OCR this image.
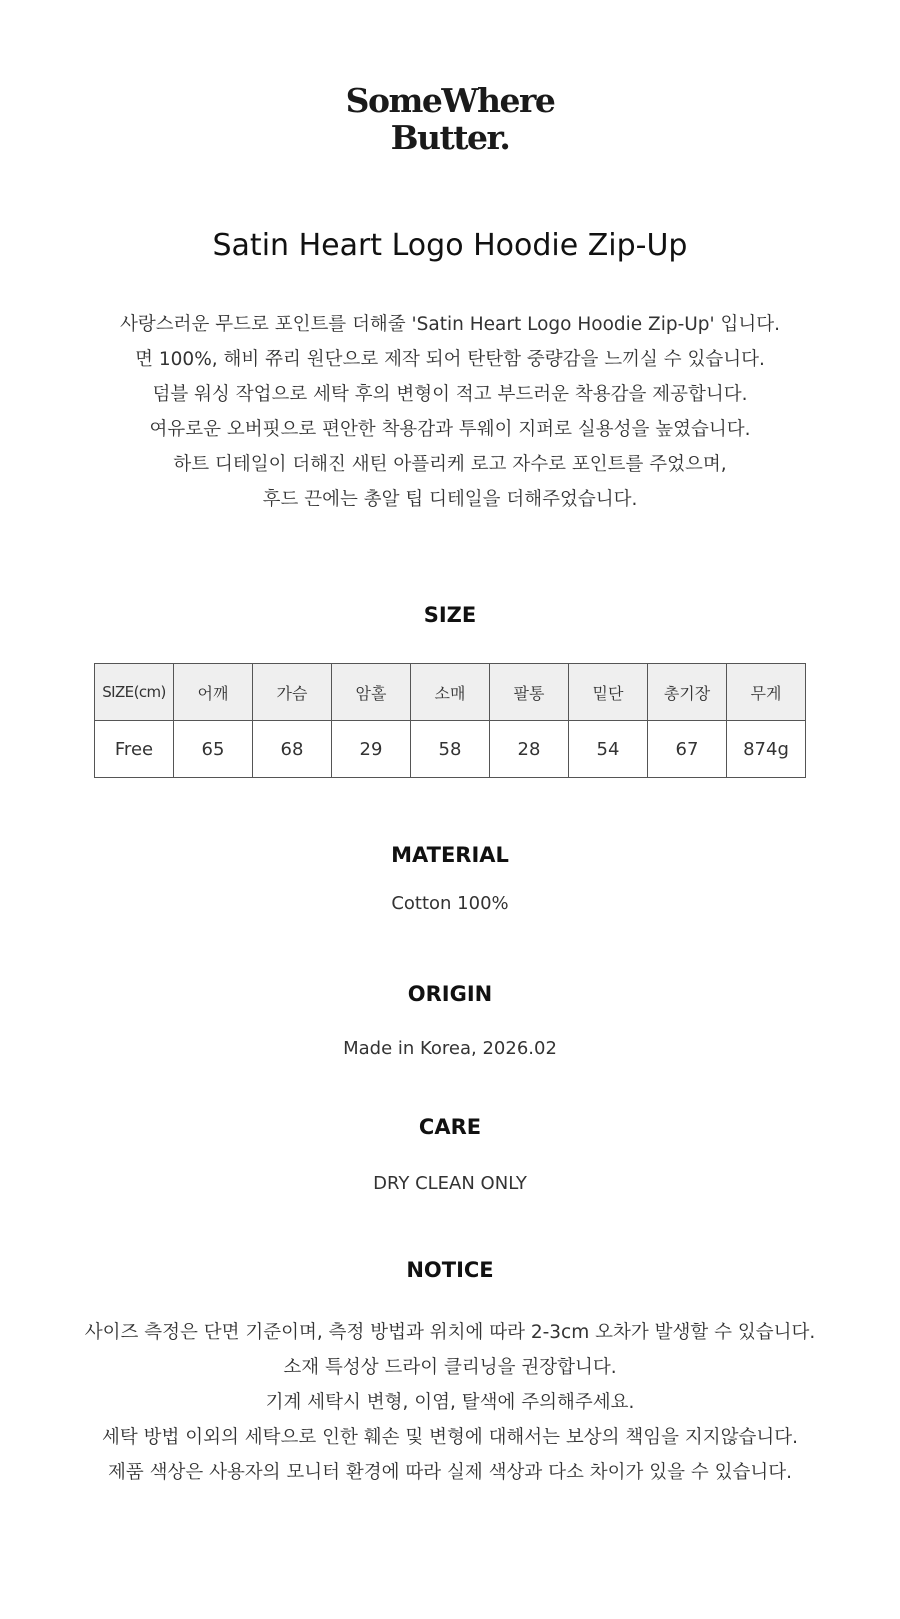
SomeWhere
Butter.
Satin Heart Logo Hoodie Zip-Up
사랑스러운 무드로 포인트를 더해줄 'Satin Heart Logo Hoodie Zip-Up' 입니다.
면 100%, 해비 쮸리 원단으로 제작 되어 탄탄함 중량감을 느끼실 수 있습니다.
덤블 워싱 작업으로 세탁 후의 변형이 적고 부드러운 착용감을 제공합니다.
여유로운 오버핏으로 편안한 착용감과 투웨이 지퍼로 실용성을 높였습니다.
하트 디테일이 더해진 새틴 아플리케 로고 자수로 포인트를 주었으며,
후드 끈에는 총알 팁 디테일을 더해주었습니다.
SIZE
SIZE(cm)	어깨	가슴	암홀	소매	팔통	밑단	총기장	무게
Free	65	68	29	58	28	54	67	874g
MATERIAL
Cotton 100%
ORIGIN
Made in Korea, 2026.02
CARE
DRY CLEAN ONLY
NOTICE
사이즈 측정은 단면 기준이며, 측정 방법과 위치에 따라 2-3cm 오차가 발생할 수 있습니다.
소재 특성상 드라이 클리닝을 권장합니다.
기계 세탁시 변형, 이염, 탈색에 주의해주세요.
세탁 방법 이외의 세탁으로 인한 훼손 및 변형에 대해서는 보상의 책임을 지지않습니다.
제품 색상은 사용자의 모니터 환경에 따라 실제 색상과 다소 차이가 있을 수 있습니다.
